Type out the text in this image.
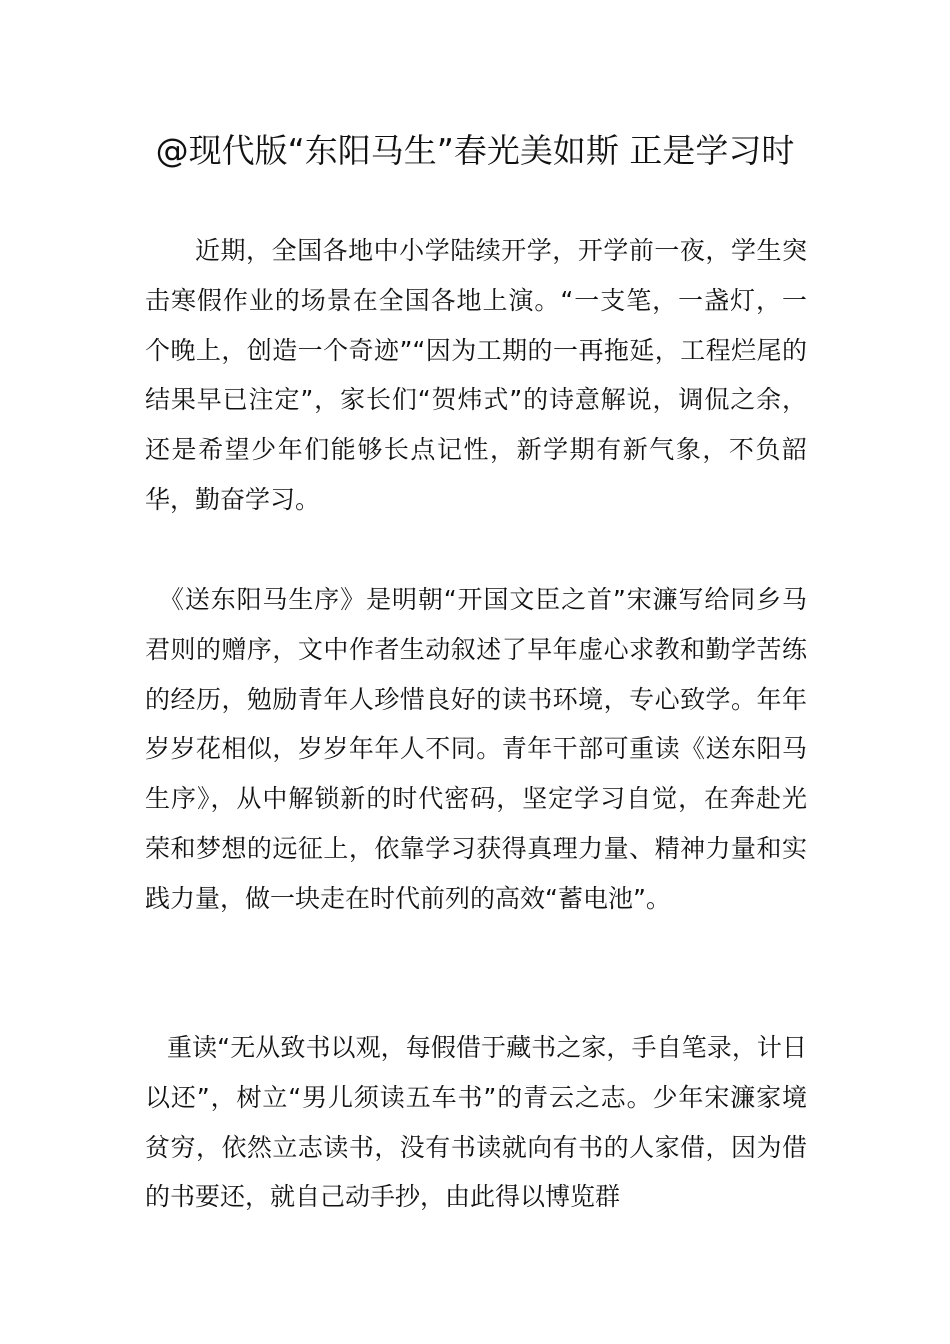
@现代版“东阳马生”春光美如斯 正是学习时

近期，全国各地中小学陆续开学，开学前一夜，学生突击寒假作业的场景在全国各地上演。“一支笔，一盏灯，一个晚上，创造一个奇迹”“因为工期的一再拖延，工程烂尾的结果早已注定”，家长们“贺炜式”的诗意解说，调侃之余，还是希望少年们能够长点记性，新学期有新气象，不负韶华，勤奋学习。

《送东阳马生序》是明朝“开国文臣之首”宋濂写给同乡马君则的赠序，文中作者生动叙述了早年虚心求教和勤学苦练的经历，勉励青年人珍惜良好的读书环境，专心致学。年年岁岁花相似，岁岁年年人不同。青年干部可重读《送东阳马生序》，从中解锁新的时代密码，坚定学习自觉，在奔赴光荣和梦想的远征上，依靠学习获得真理力量、精神力量和实践力量，做一块走在时代前列的高效“蓄电池”。

重读“无从致书以观，每假借于藏书之家，手自笔录，计日以还”，树立“男儿须读五车书”的青云之志。少年宋濂家境贫穷，依然立志读书，没有书读就向有书的人家借，因为借的书要还，就自己动手抄，由此得以博览群
